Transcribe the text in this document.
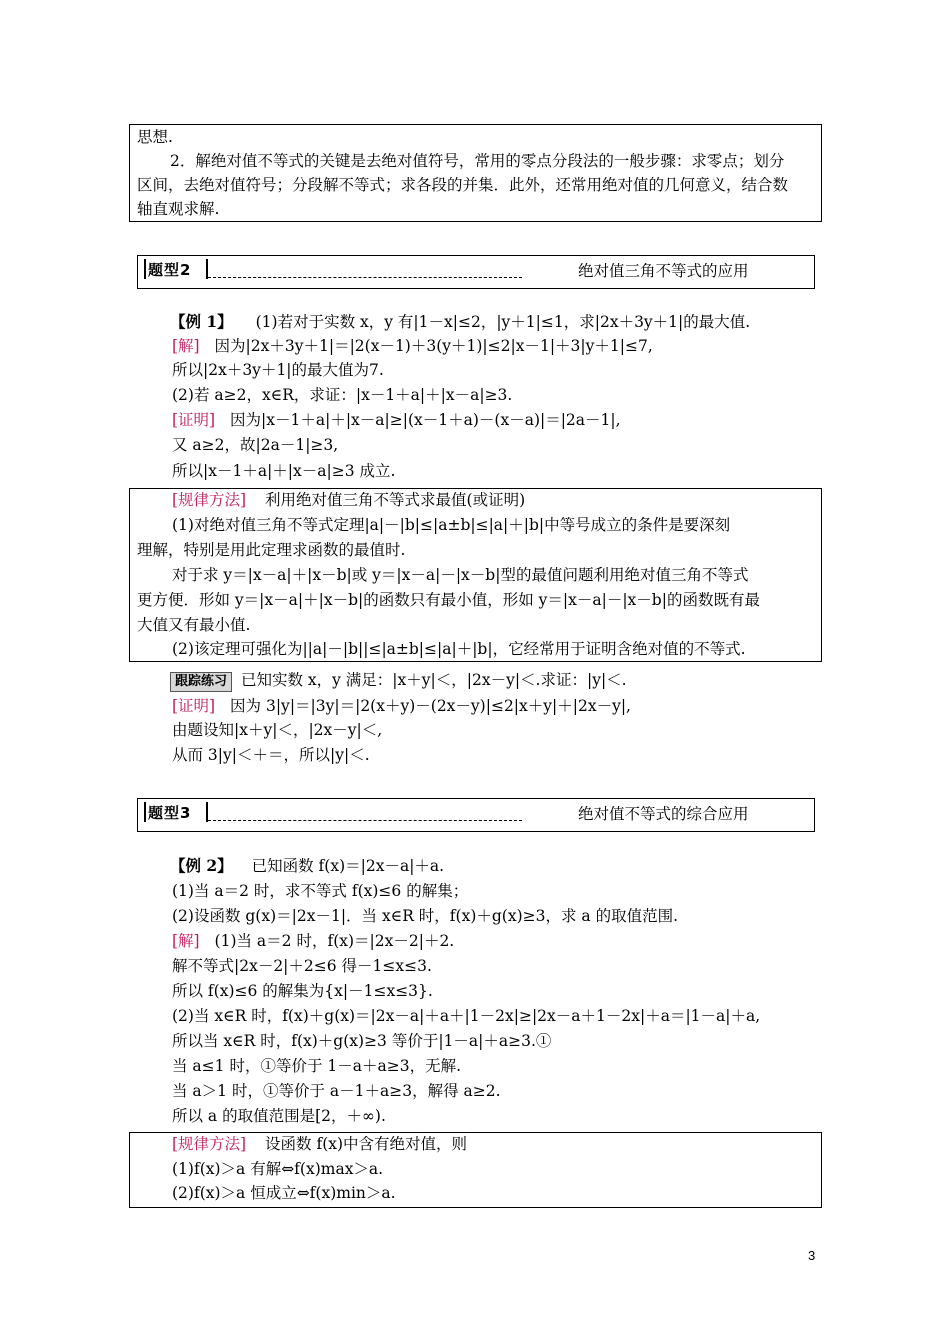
思想.
2．解绝对值不等式的关键是去绝对值符号，常用的零点分段法的一般步骤：求零点；划分
区间，去绝对值符号；分段解不等式；求各段的并集．此外，还常用绝对值的几何意义，结合数
轴直观求解.
题型2	绝对值三角不等式的应用
【例 1】 (1)若对于实数 x，y 有|1－x|≤2，|y＋1|≤1，求|2x＋3y＋1|的最大值.
[解] 因为|2x＋3y＋1|＝|2(x－1)＋3(y＋1)|≤2|x－1|＋3|y＋1|≤7,
所以|2x＋3y＋1|的最大值为7.
(2)若 a≥2，x∈R，求证：|x－1＋a|＋|x－a|≥3.
[证明] 因为|x－1＋a|＋|x－a|≥|(x－1＋a)－(x－a)|＝|2a－1|,
又 a≥2，故|2a－1|≥3,
所以|x－1＋a|＋|x－a|≥3 成立.
[规律方法] 利用绝对值三角不等式求最值(或证明)
(1)对绝对值三角不等式定理|a|－|b|≤|a±b|≤|a|＋|b|中等号成立的条件是要深刻
理解，特别是用此定理求函数的最值时.
对于求 y＝|x－a|＋|x－b|或 y＝|x－a|－|x－b|型的最值问题利用绝对值三角不等式
更方便．形如 y＝|x－a|＋|x－b|的函数只有最小值，形如 y＝|x－a|－|x－b|的函数既有最
大值又有最小值.
(2)该定理可强化为||a|－|b||≤|a±b|≤|a|＋|b|，它经常用于证明含绝对值的不等式.
跟踪练习 已知实数 x，y 满足：|x＋y|＜，|2x－y|＜.求证：|y|＜.
[证明] 因为 3|y|＝|3y|＝|2(x＋y)－(2x－y)|≤2|x＋y|＋|2x－y|,
由题设知|x＋y|＜，|2x－y|＜,
从而 3|y|＜＋＝，所以|y|＜.
题型3	绝对值不等式的综合应用
【例 2】 已知函数 f(x)＝|2x－a|＋a.
(1)当 a＝2 时，求不等式 f(x)≤6 的解集；
(2)设函数 g(x)＝|2x－1|．当 x∈R 时，f(x)＋g(x)≥3，求 a 的取值范围.
[解] (1)当 a＝2 时，f(x)＝|2x－2|＋2.
解不等式|2x－2|＋2≤6 得－1≤x≤3.
所以 f(x)≤6 的解集为{x|－1≤x≤3}.
(2)当 x∈R 时，f(x)＋g(x)＝|2x－a|＋a＋|1－2x|≥|2x－a＋1－2x|＋a＝|1－a|＋a,
所以当 x∈R 时，f(x)＋g(x)≥3 等价于|1－a|＋a≥3.①
当 a≤1 时，①等价于 1－a＋a≥3，无解.
当 a＞1 时，①等价于 a－1＋a≥3，解得 a≥2.
所以 a 的取值范围是[2，＋∞).
[规律方法] 设函数 f(x)中含有绝对值，则
(1)f(x)＞a 有解⇔f(x)max＞a.
(2)f(x)＞a 恒成立⇔f(x)min＞a.
3
